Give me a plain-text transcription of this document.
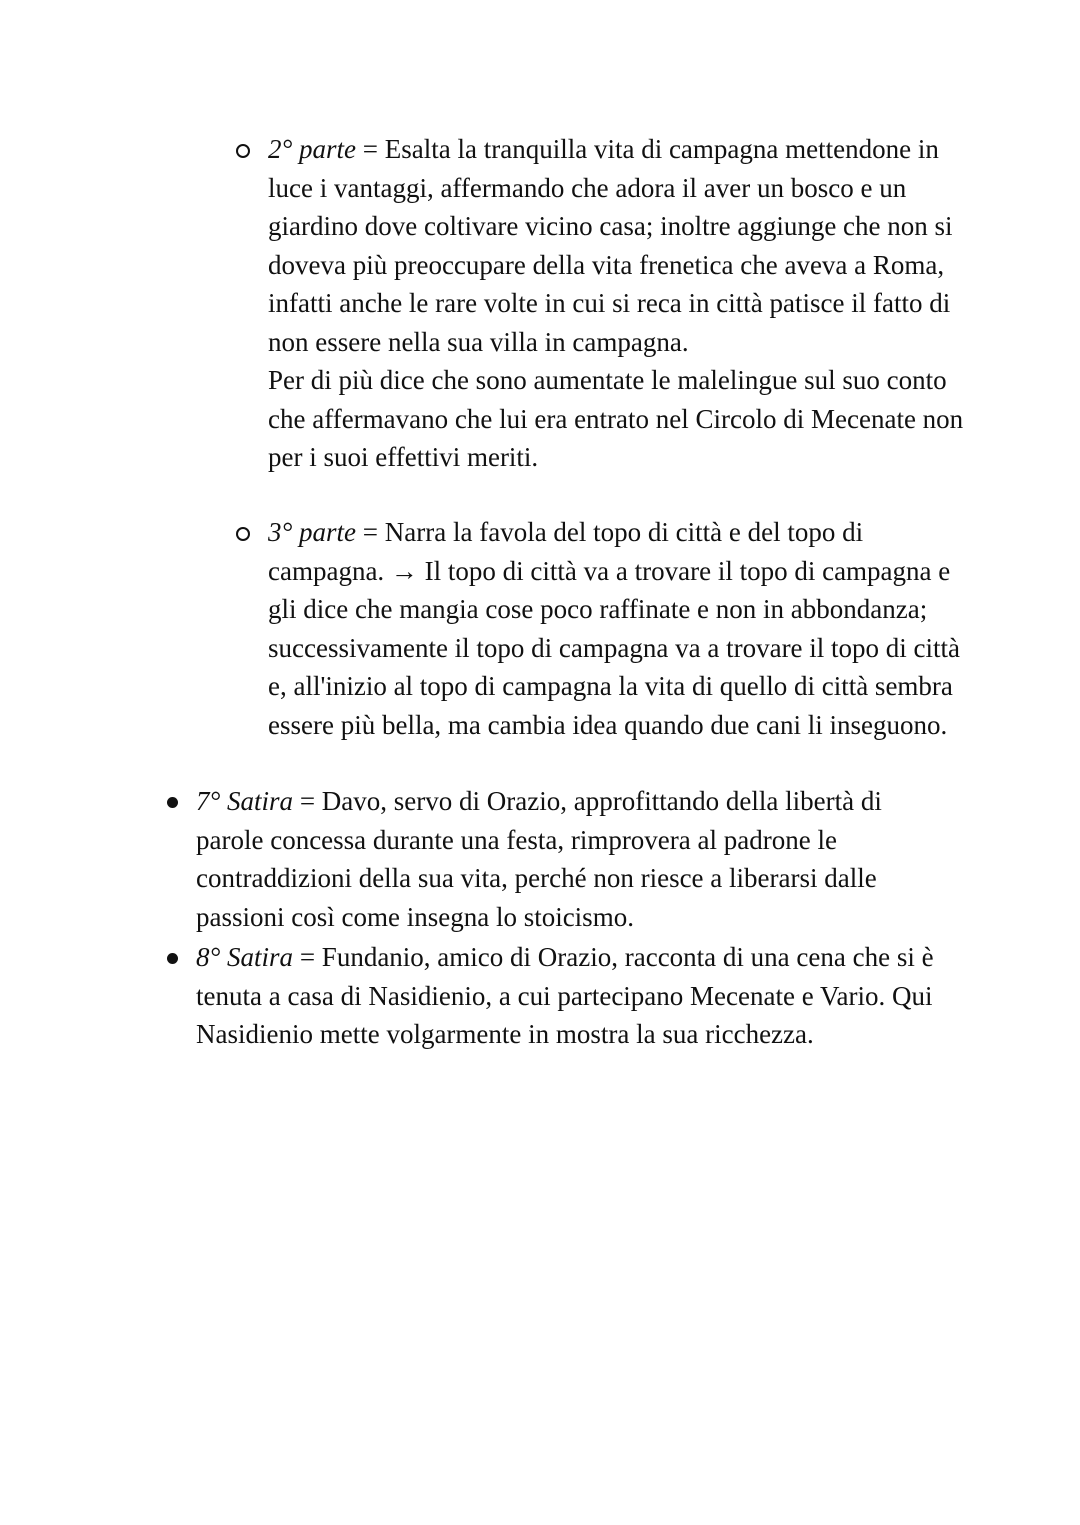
2° parte = Esalta la tranquilla vita di campagna mettendone in luce i vantaggi, affermando che adora il aver un bosco e un giardino dove coltivare vicino casa; inoltre aggiunge che non si doveva più preoccupare della vita frenetica che aveva a Roma, infatti anche le rare volte in cui si reca in città patisce il fatto di non essere nella sua villa in campagna.

Per di più dice che sono aumentate le malelingue sul suo conto che affermavano che lui era entrato nel Circolo di Mecenate non per i suoi effettivi meriti.

3° parte = Narra la favola del topo di città e del topo di campagna. → Il topo di città va a trovare il topo di campagna e gli dice che mangia cose poco raffinate e non in abbondanza; successivamente il topo di campagna va a trovare il topo di città e, all'inizio al topo di campagna la vita di quello di città sembra essere più bella, ma cambia idea quando due cani li inseguono.

7° Satira = Davo, servo di Orazio, approfittando della libertà di parole concessa durante una festa, rimprovera al padrone le contraddizioni della sua vita, perché non riesce a liberarsi dalle passioni così come insegna lo stoicismo.

8° Satira = Fundanio, amico di Orazio, racconta di una cena che si è tenuta a casa di Nasidienio, a cui partecipano Mecenate e Vario. Qui Nasidienio mette volgarmente in mostra la sua ricchezza.
